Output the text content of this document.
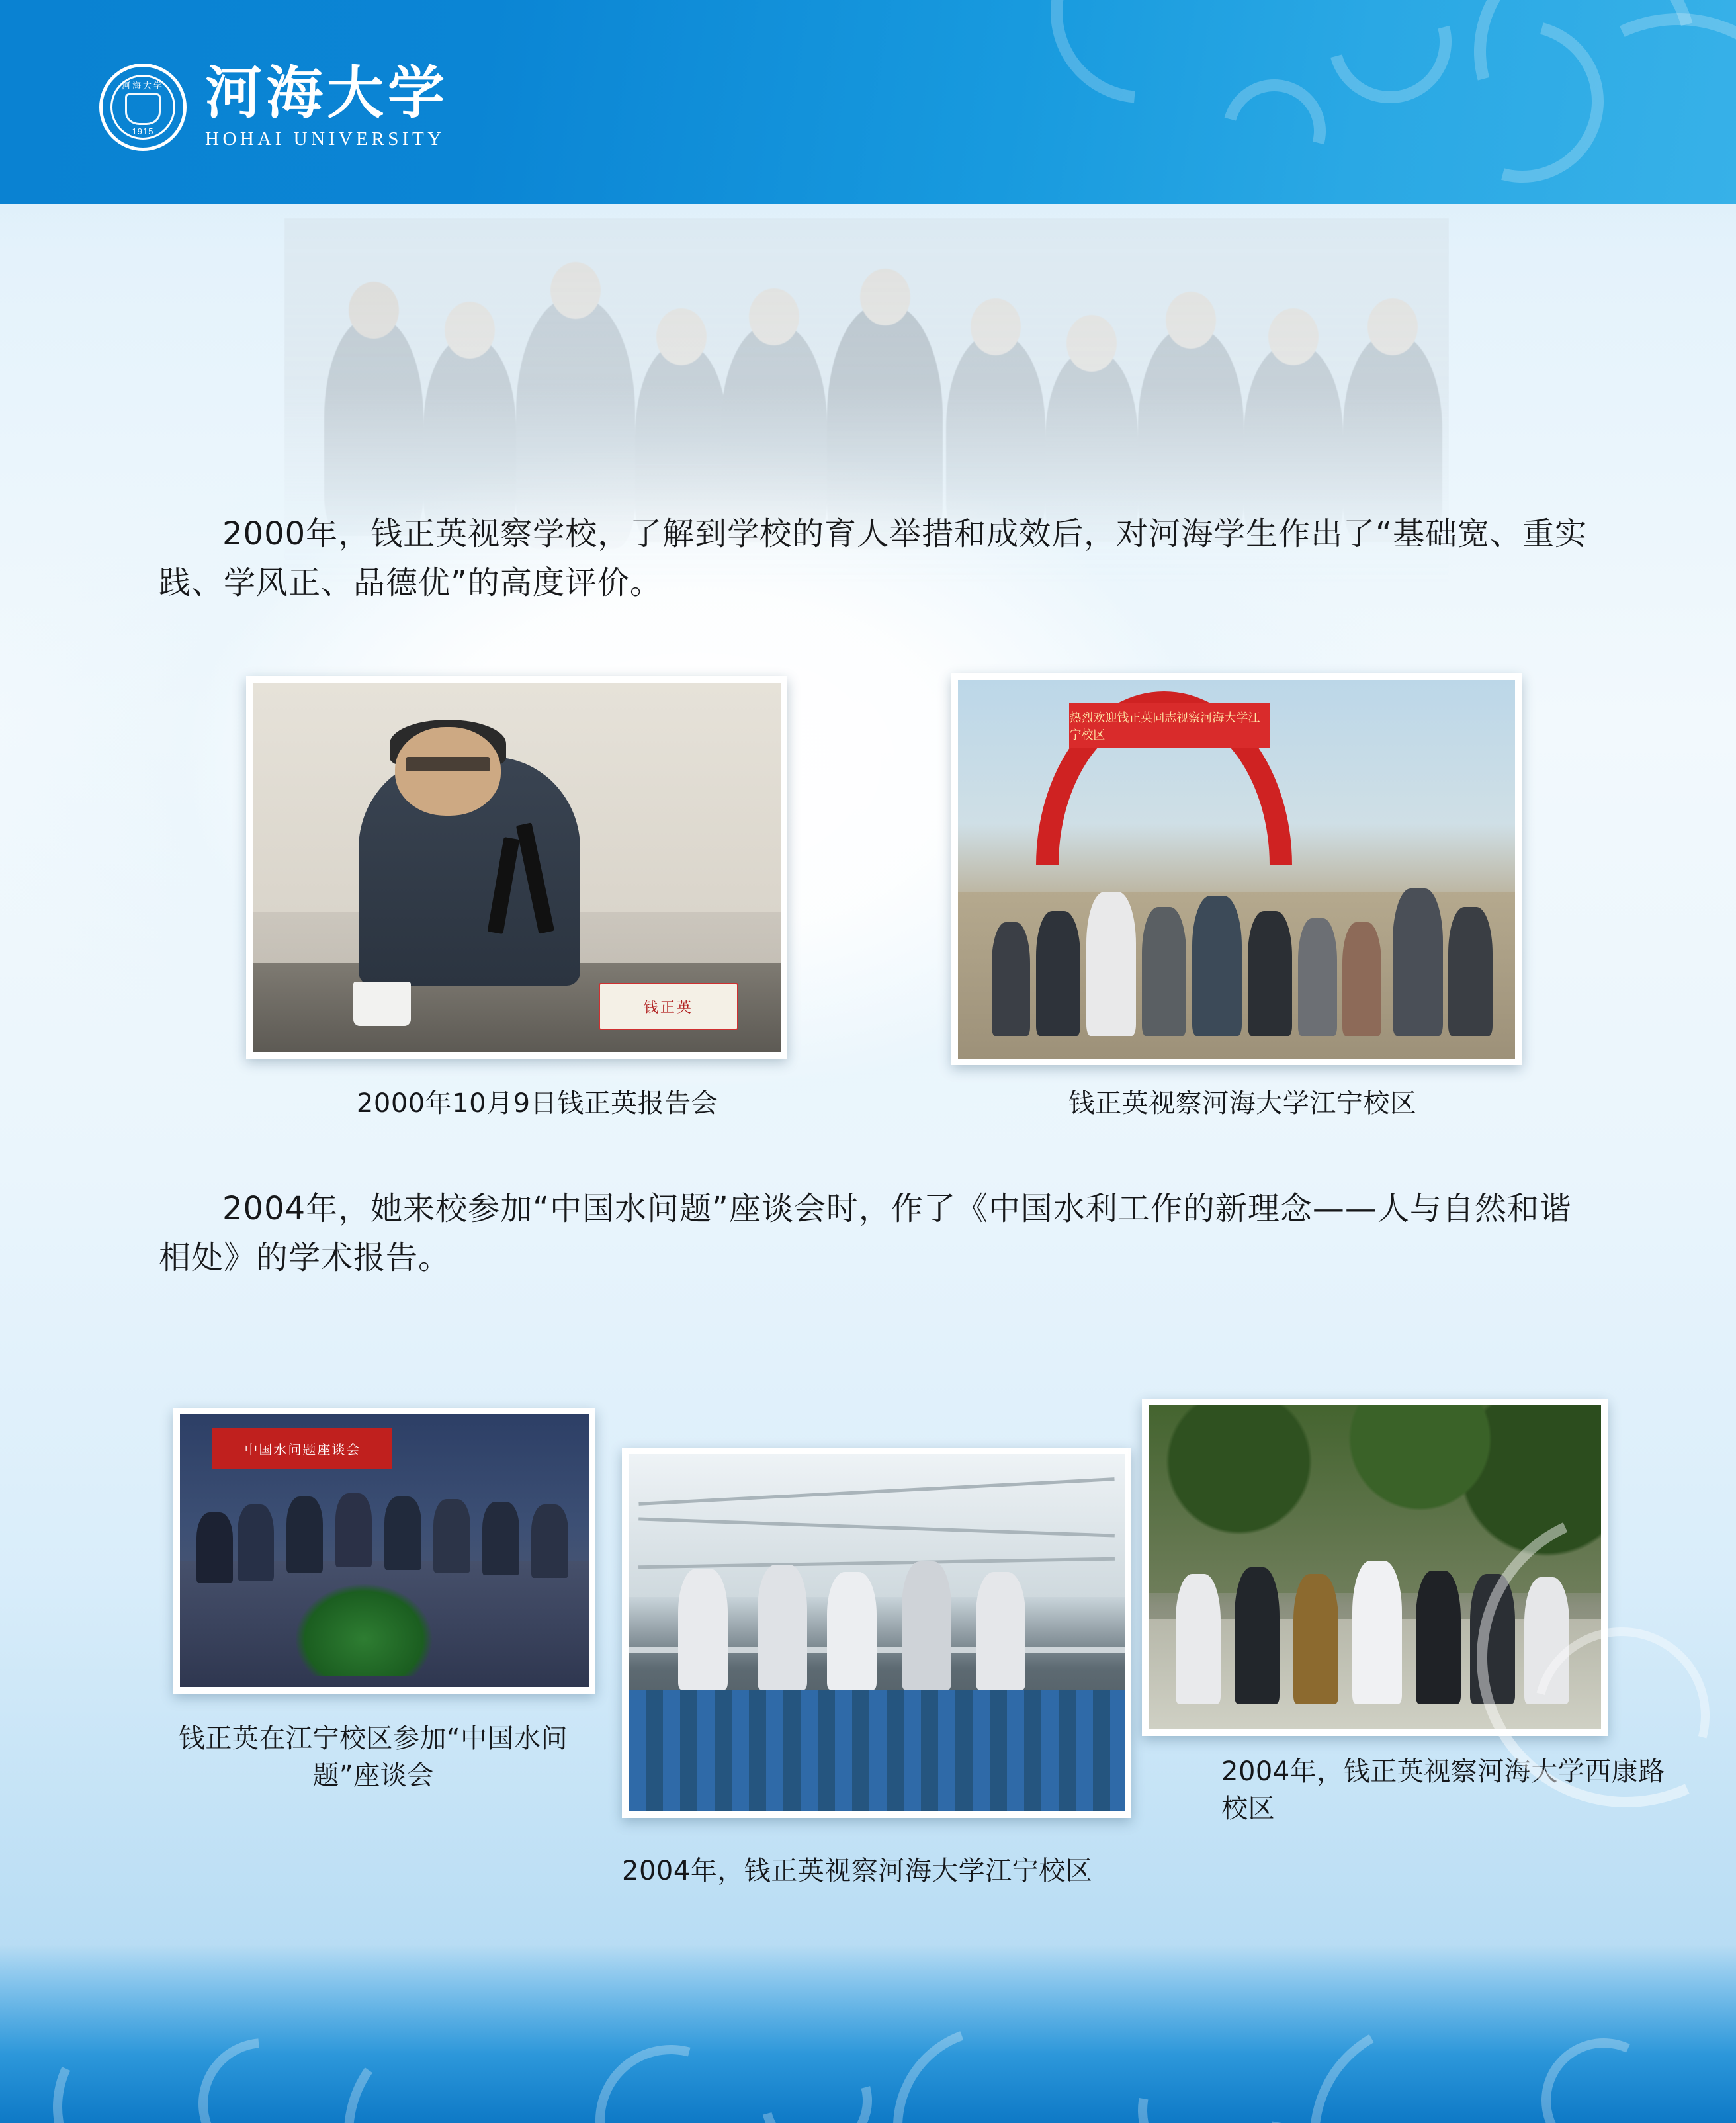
河海大学
1915
河海大学
HOHAI UNIVERSITY
2000年，钱正英视察学校，了解到学校的育人举措和成效后，对河海学生作出了“基础宽、重实践、学风正、品德优”的高度评价。
钱正英
2000年10月9日钱正英报告会
热烈欢迎钱正英同志视察河海大学江宁校区
钱正英视察河海大学江宁校区
2004年，她来校参加“中国水问题”座谈会时，作了《中国水利工作的新理念——人与自然和谐相处》的学术报告。
中国水问题座谈会
钱正英在江宁校区参加“中国水问题”座谈会
2004年，钱正英视察河海大学江宁校区
2004年，钱正英视察河海大学西康路校区
